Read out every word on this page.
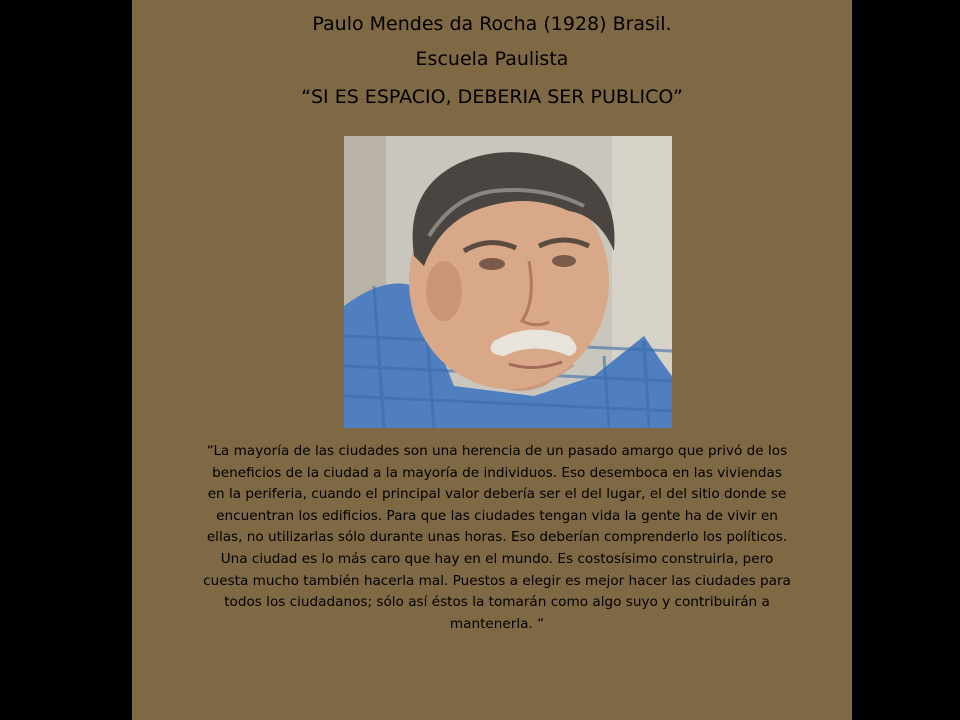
Paulo Mendes da Rocha (1928) Brasil.
Escuela Paulista
“SI ES ESPACIO, DEBERIA SER PUBLICO”
“La mayoría de las ciudades son una herencia de un pasado amargo que privó de los beneficios de la ciudad a la mayoría de individuos. Eso desemboca en las viviendas en la periferia, cuando el principal valor debería ser el del lugar, el del sitio donde se encuentran los edificios. Para que las ciudades tengan vida la gente ha de vivir en ellas, no utilizarlas sólo durante unas horas. Eso deberían comprenderlo los políticos. Una ciudad es lo más caro que hay en el mundo. Es costosísimo construirla, pero cuesta mucho también hacerla mal. Puestos a elegir es mejor hacer las ciudades para todos los ciudadanos; sólo así éstos la tomarán como algo suyo y contribuirán a mantenerla. “
